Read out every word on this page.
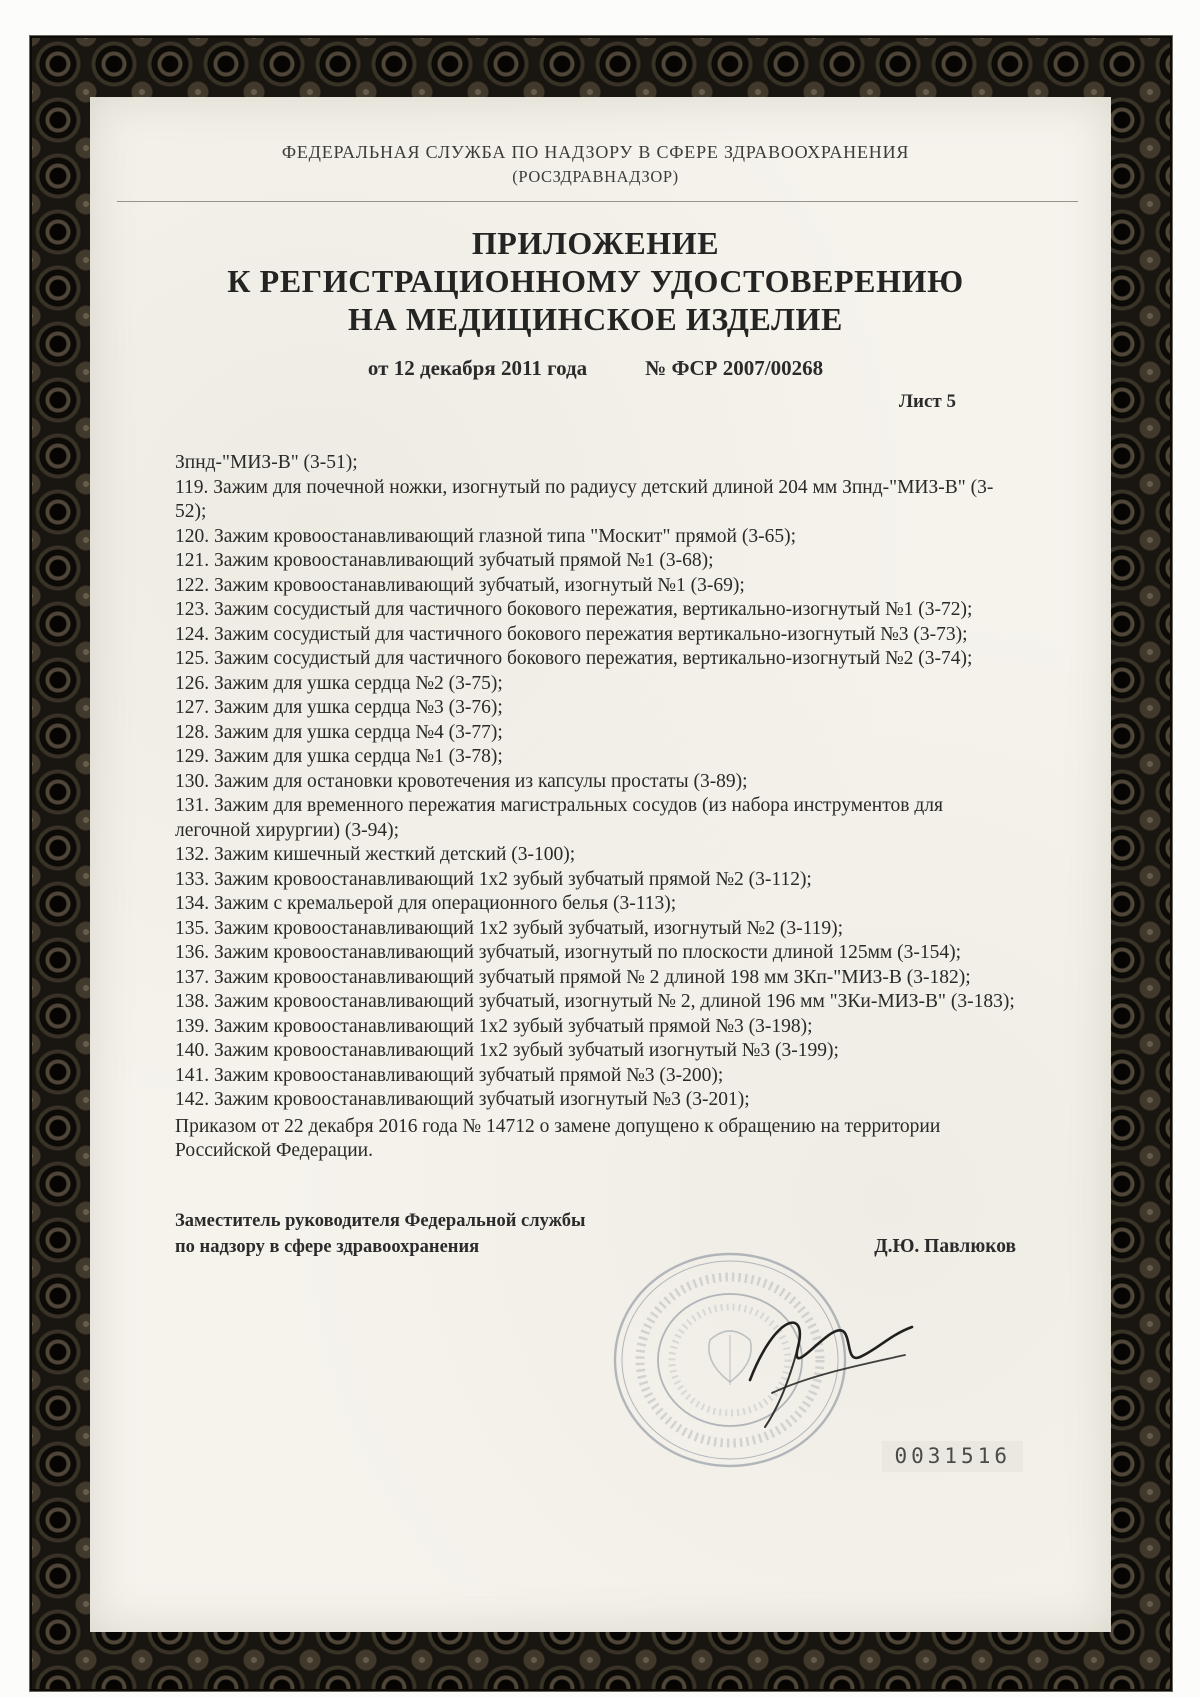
ФЕДЕРАЛЬНАЯ СЛУЖБА ПО НАДЗОРУ В СФЕРЕ ЗДРАВООХРАНЕНИЯ
(РОСЗДРАВНАДЗОР)
ПРИЛОЖЕНИЕ
К РЕГИСТРАЦИОННОМУ УДОСТОВЕРЕНИЮ
НА МЕДИЦИНСКОЕ ИЗДЕЛИЕ
от 12 декабря 2011 года	№ ФСР 2007/00268
Лист 5

Зпнд-"МИЗ-В" (3-51);

119. Зажим для почечной ножки, изогнутый по радиусу детский длиной 204 мм Зпнд-"МИЗ-В" (3-52);

120. Зажим кровоостанавливающий глазной типа "Москит" прямой (3-65);

121. Зажим кровоостанавливающий зубчатый прямой №1 (3-68);

122. Зажим кровоостанавливающий зубчатый, изогнутый №1 (3-69);

123. Зажим сосудистый для частичного бокового пережатия, вертикально-изогнутый №1 (3-72);

124. Зажим сосудистый для частичного бокового пережатия вертикально-изогнутый №3 (3-73);

125. Зажим сосудистый для частичного бокового пережатия, вертикально-изогнутый №2 (3-74);

126. Зажим для ушка сердца №2 (3-75);

127. Зажим для ушка сердца №3 (3-76);

128. Зажим для ушка сердца №4 (3-77);

129. Зажим для ушка сердца №1 (3-78);

130. Зажим для остановки кровотечения из капсулы простаты (3-89);

131. Зажим для временного пережатия магистральных сосудов (из набора инструментов для легочной хирургии) (3-94);

132. Зажим кишечный жесткий детский (3-100);

133. Зажим кровоостанавливающий 1х2 зубый зубчатый прямой №2 (3-112);

134. Зажим с кремальерой для операционного белья (3-113);

135. Зажим кровоостанавливающий 1х2 зубый зубчатый, изогнутый №2 (3-119);

136. Зажим кровоостанавливающий зубчатый, изогнутый по плоскости длиной 125мм (3-154);

137. Зажим кровоостанавливающий зубчатый прямой № 2 длиной 198 мм ЗКп-"МИЗ-В (3-182);

138. Зажим кровоостанавливающий зубчатый, изогнутый № 2, длиной 196 мм "ЗКи-МИЗ-В" (3-183);

139. Зажим кровоостанавливающий 1х2 зубый зубчатый прямой №3 (3-198);

140. Зажим кровоостанавливающий 1х2 зубый зубчатый изогнутый №3 (3-199);

141. Зажим кровоостанавливающий зубчатый прямой №3 (3-200);

142. Зажим кровоостанавливающий зубчатый изогнутый №3 (3-201);

Приказом от 22 декабря 2016 года № 14712 о замене допущено к обращению на территории Российской Федерации.

Заместитель руководителя Федеральной службы
по надзору в сфере здравоохранения	Д.Ю. Павлюков
0031516
